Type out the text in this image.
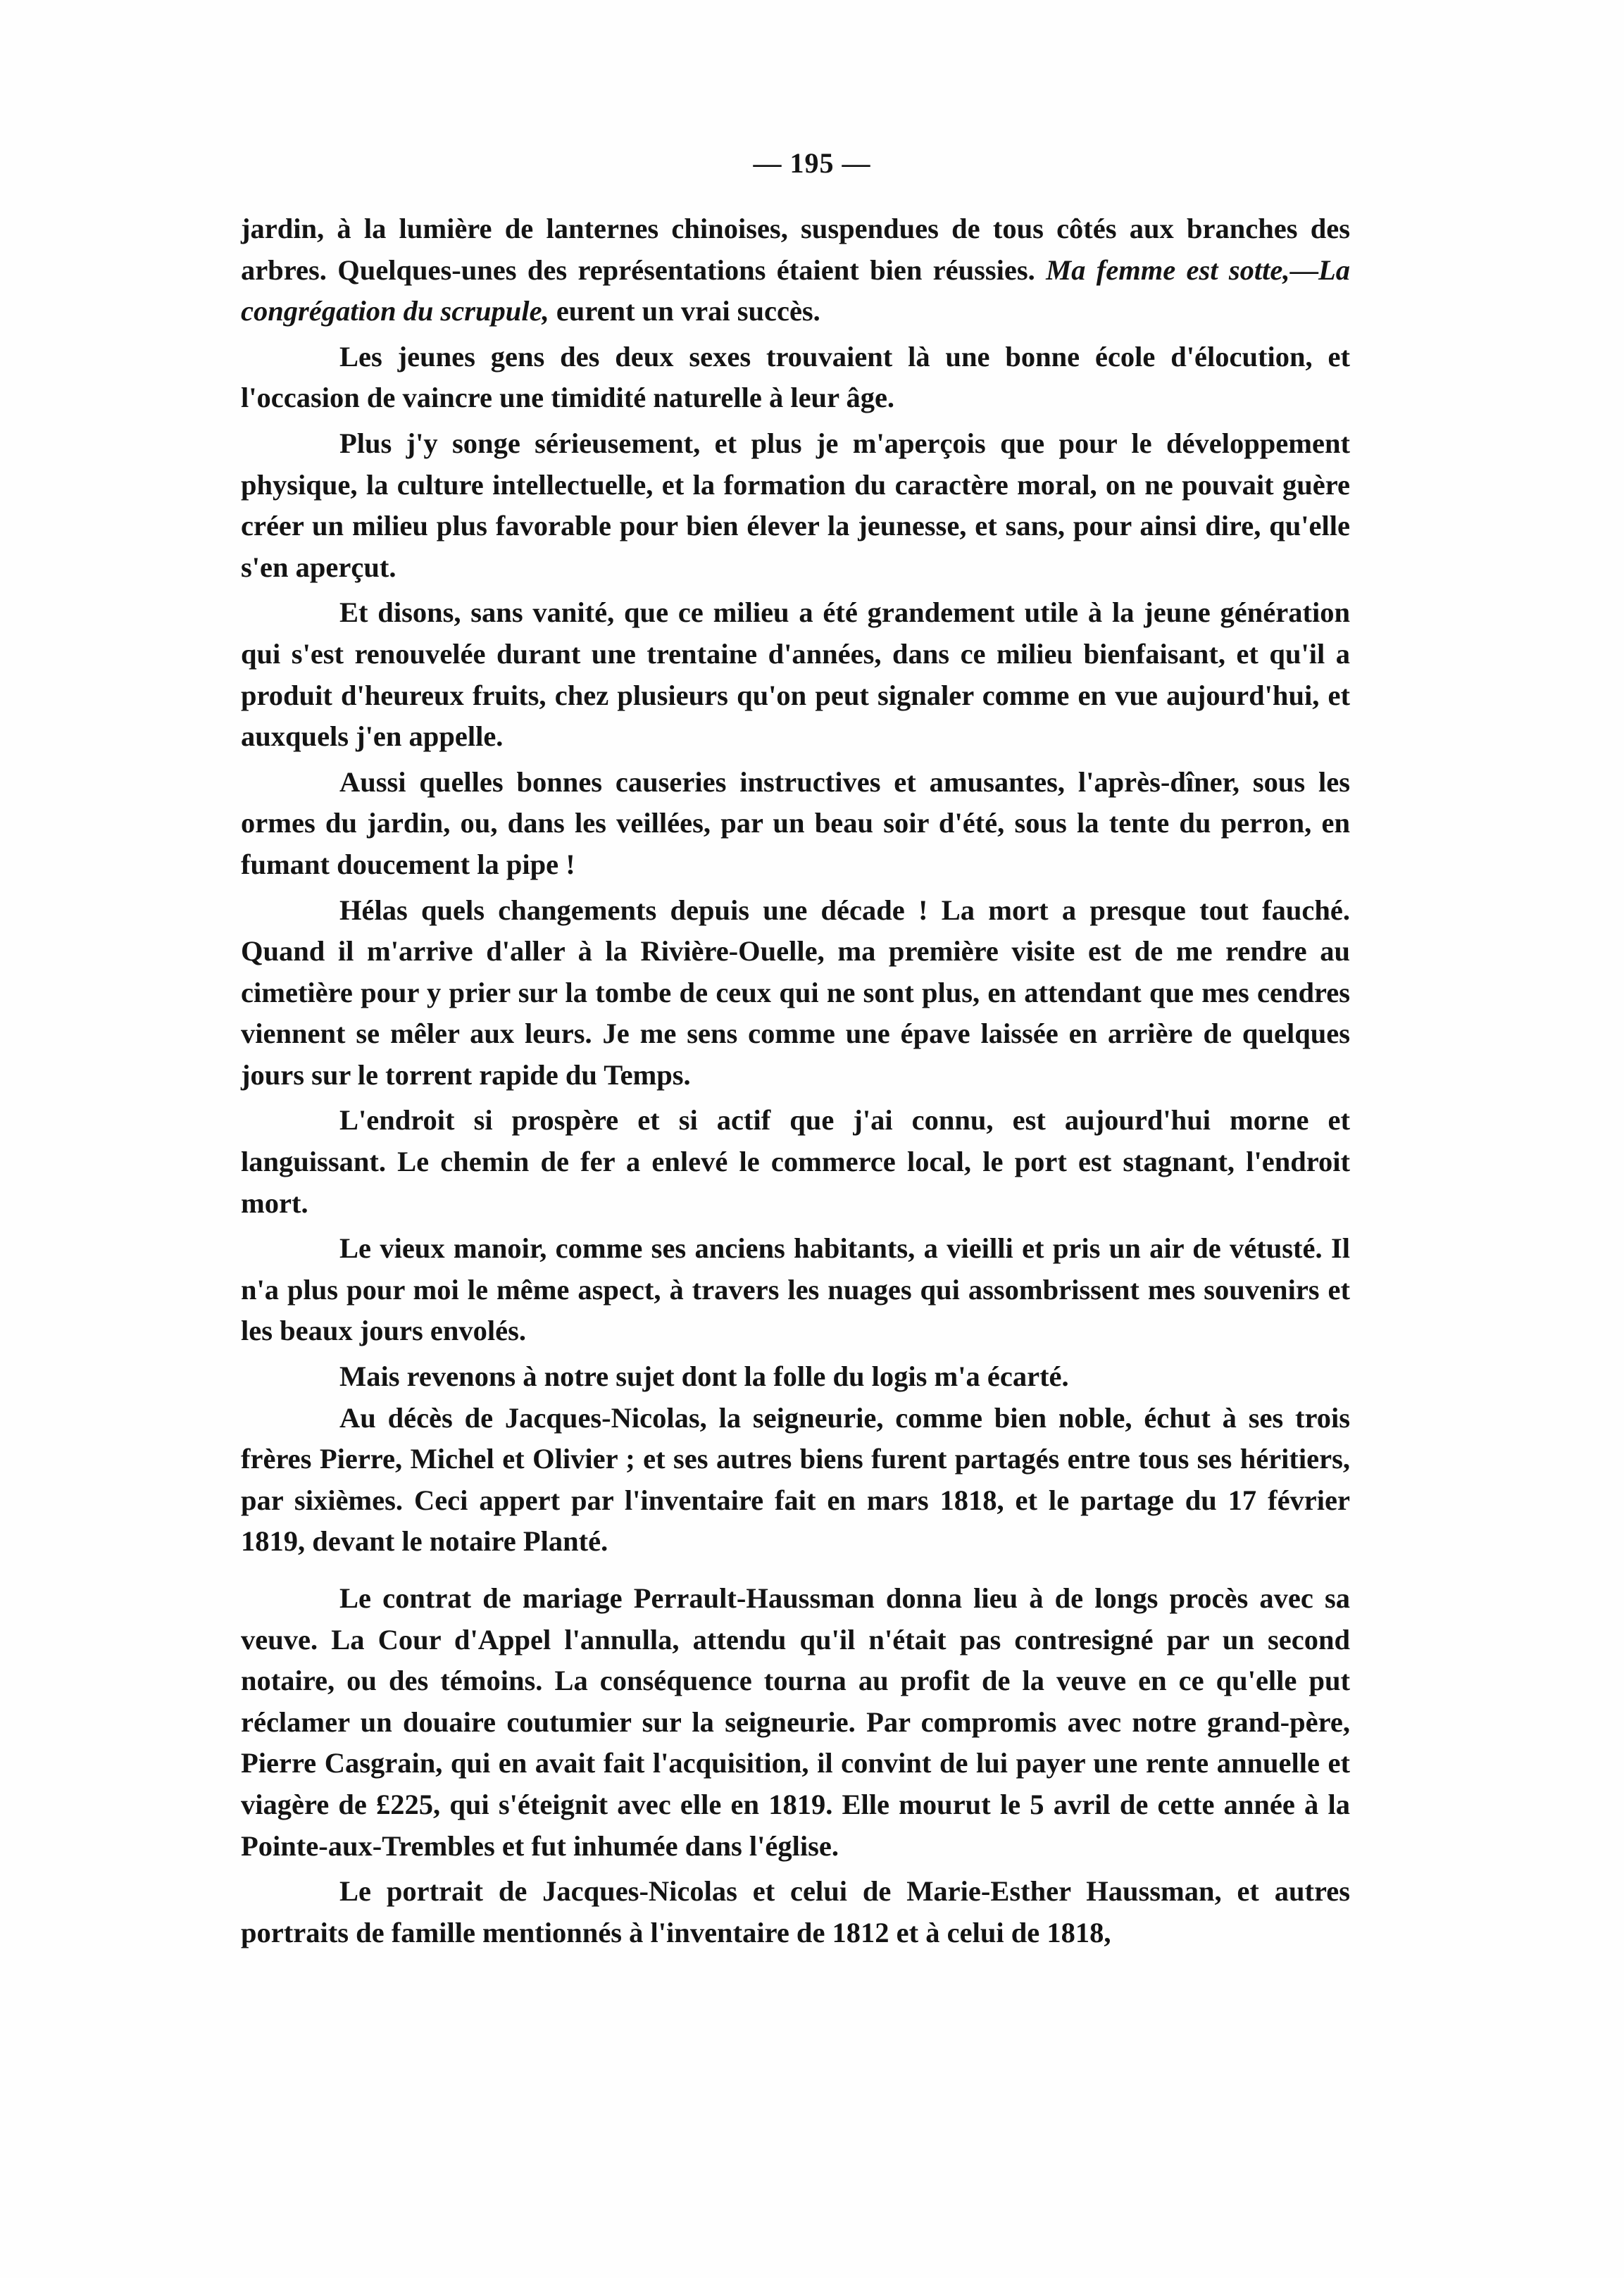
— 195 —

jardin, à la lumière de lanternes chinoises, suspendues de tous côtés aux branches des arbres. Quelques-unes des représentations étaient bien réussies. Ma femme est sotte,—La congrégation du scrupule, eurent un vrai succès.

Les jeunes gens des deux sexes trouvaient là une bonne école d'élocution, et l'occasion de vaincre une timidité naturelle à leur âge.

Plus j'y songe sérieusement, et plus je m'aperçois que pour le développement physique, la culture intellectuelle, et la formation du caractère moral, on ne pouvait guère créer un milieu plus favorable pour bien élever la jeunesse, et sans, pour ainsi dire, qu'elle s'en aperçut.

Et disons, sans vanité, que ce milieu a été grandement utile à la jeune génération qui s'est renouvelée durant une trentaine d'années, dans ce milieu bienfaisant, et qu'il a produit d'heureux fruits, chez plusieurs qu'on peut signaler comme en vue aujourd'hui, et auxquels j'en appelle.

Aussi quelles bonnes causeries instructives et amusantes, l'après-dîner, sous les ormes du jardin, ou, dans les veillées, par un beau soir d'été, sous la tente du perron, en fumant doucement la pipe !

Hélas quels changements depuis une décade ! La mort a presque tout fauché. Quand il m'arrive d'aller à la Rivière-Ouelle, ma première visite est de me rendre au cimetière pour y prier sur la tombe de ceux qui ne sont plus, en attendant que mes cendres viennent se mêler aux leurs. Je me sens comme une épave laissée en arrière de quelques jours sur le torrent rapide du Temps.

L'endroit si prospère et si actif que j'ai connu, est aujourd'hui morne et languissant. Le chemin de fer a enlevé le commerce local, le port est stagnant, l'endroit mort.

Le vieux manoir, comme ses anciens habitants, a vieilli et pris un air de vétusté. Il n'a plus pour moi le même aspect, à travers les nuages qui assombrissent mes souvenirs et les beaux jours envolés.

Mais revenons à notre sujet dont la folle du logis m'a écarté.

Au décès de Jacques-Nicolas, la seigneurie, comme bien noble, échut à ses trois frères Pierre, Michel et Olivier ; et ses autres biens furent partagés entre tous ses héritiers, par sixièmes. Ceci appert par l'inventaire fait en mars 1818, et le partage du 17 février 1819, devant le notaire Planté.

Le contrat de mariage Perrault-Haussman donna lieu à de longs procès avec sa veuve. La Cour d'Appel l'annulla, attendu qu'il n'était pas contresigné par un second notaire, ou des témoins. La conséquence tourna au profit de la veuve en ce qu'elle put réclamer un douaire coutumier sur la seigneurie. Par compromis avec notre grand-père, Pierre Casgrain, qui en avait fait l'acquisition, il convint de lui payer une rente annuelle et viagère de £225, qui s'éteignit avec elle en 1819. Elle mourut le 5 avril de cette année à la Pointe-aux-Trembles et fut inhumée dans l'église.

Le portrait de Jacques-Nicolas et celui de Marie-Esther Haussman, et autres portraits de famille mentionnés à l'inventaire de 1812 et à celui de 1818,
